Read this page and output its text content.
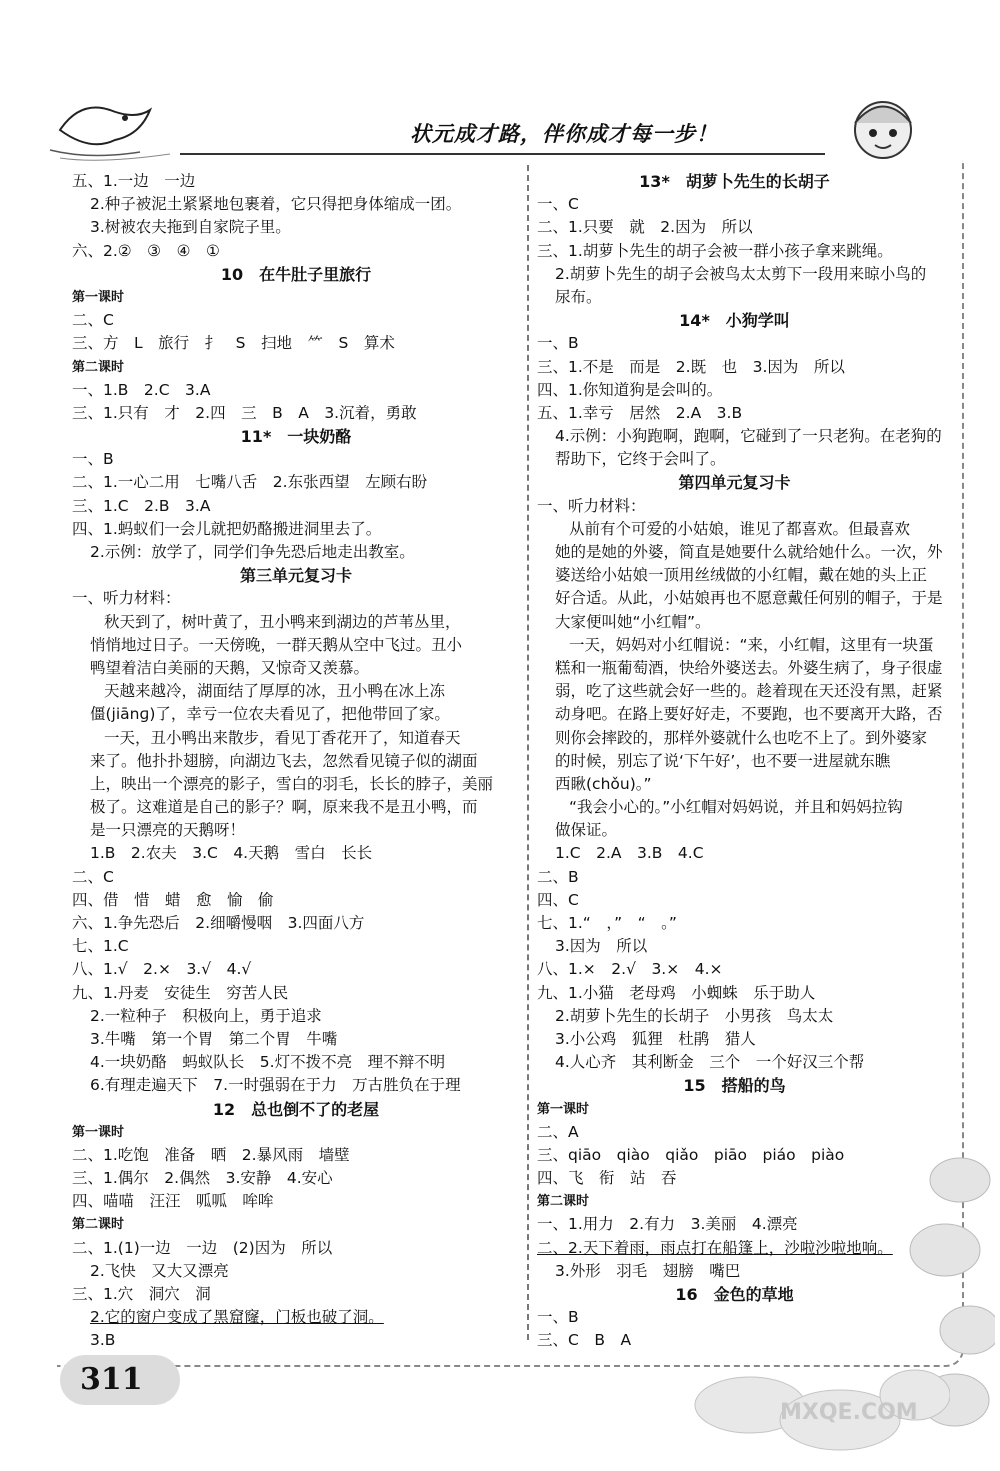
状元成才路，伴你成才每一步！
五、1.一边　一边
2.种子被泥土紧紧地包裹着，它只得把身体缩成一团。
3.树被农夫拖到自家院子里。
六、2.②　③　④　①
10　在牛肚子里旅行
第一课时
二、C
三、方　L　旅行　扌　S　扫地　⺮　S　算术
第二课时
一、1.B　2.C　3.A
三、1.只有　才　2.四　三　B　A　3.沉着，勇敢
11*　一块奶酪
一、B
二、1.一心二用　七嘴八舌　2.东张西望　左顾右盼
三、1.C　2.B　3.A
四、1.蚂蚁们一会儿就把奶酪搬进洞里去了。
2.示例：放学了，同学们争先恐后地走出教室。
第三单元复习卡
一、听力材料：
秋天到了，树叶黄了，丑小鸭来到湖边的芦苇丛里，
悄悄地过日子。一天傍晚，一群天鹅从空中飞过。丑小
鸭望着洁白美丽的天鹅，又惊奇又羡慕。
天越来越冷，湖面结了厚厚的冰，丑小鸭在冰上冻
僵(jiānɡ)了，幸亏一位农夫看见了，把他带回了家。
一天，丑小鸭出来散步，看见丁香花开了，知道春天
来了。他扑扑翅膀，向湖边飞去，忽然看见镜子似的湖面
上，映出一个漂亮的影子，雪白的羽毛，长长的脖子，美丽
极了。这难道是自己的影子？啊，原来我不是丑小鸭，而
是一只漂亮的天鹅呀！
1.B　2.农夫　3.C　4.天鹅　雪白　长长
二、C
四、借　惜　蜡　愈　愉　偷
六、1.争先恐后　2.细嚼慢咽　3.四面八方
七、1.C
八、1.√　2.×　3.√　4.√
九、1.丹麦　安徒生　穷苦人民
2.一粒种子　积极向上，勇于追求
3.牛嘴　第一个胃　第二个胃　牛嘴
4.一块奶酪　蚂蚁队长　5.灯不拨不亮　理不辩不明
6.有理走遍天下　7.一时强弱在于力　万古胜负在于理
12　总也倒不了的老屋
第一课时
二、1.吃饱　准备　晒　2.暴风雨　墙壁
三、1.偶尔　2.偶然　3.安静　4.安心
四、喵喵　汪汪　呱呱　哞哞
第二课时
二、1.(1)一边　一边　(2)因为　所以
2.飞快　又大又漂亮
三、1.穴　洞穴　洞
2.它的窗户变成了黑窟窿，门板也破了洞。
3.B
13*　胡萝卜先生的长胡子
一、C
二、1.只要　就　2.因为　所以
三、1.胡萝卜先生的胡子会被一群小孩子拿来跳绳。
2.胡萝卜先生的胡子会被鸟太太剪下一段用来晾小鸟的
尿布。
14*　小狗学叫
一、B
三、1.不是　而是　2.既　也　3.因为　所以
四、1.你知道狗是会叫的。
五、1.幸亏　居然　2.A　3.B
4.示例：小狗跑啊，跑啊，它碰到了一只老狗。在老狗的
帮助下，它终于会叫了。
第四单元复习卡
一、听力材料：
从前有个可爱的小姑娘，谁见了都喜欢。但最喜欢
她的是她的外婆，简直是她要什么就给她什么。一次，外
婆送给小姑娘一顶用丝绒做的小红帽，戴在她的头上正
好合适。从此，小姑娘再也不愿意戴任何别的帽子，于是
大家便叫她“小红帽”。
一天，妈妈对小红帽说：“来，小红帽，这里有一块蛋
糕和一瓶葡萄酒，快给外婆送去。外婆生病了，身子很虚
弱，吃了这些就会好一些的。趁着现在天还没有黑，赶紧
动身吧。在路上要好好走，不要跑，也不要离开大路，否
则你会摔跤的，那样外婆就什么也吃不上了。到外婆家
的时候，别忘了说‘下午好’，也不要一进屋就东瞧
西瞅(chǒu)。”
“我会小心的。”小红帽对妈妈说，并且和妈妈拉钩
做保证。
1.C　2.A　3.B　4.C
二、B
四、C
七、1.“　，”　“　。”
3.因为　所以
八、1.×　2.√　3.×　4.×
九、1.小猫　老母鸡　小蜘蛛　乐于助人
2.胡萝卜先生的长胡子　小男孩　鸟太太
3.小公鸡　狐狸　杜鹃　猎人
4.人心齐　其利断金　三个　一个好汉三个帮
15　搭船的鸟
第一课时
二、A
三、qiāo　qiào　qiǎo　piāo　piáo　piào
四、飞　衔　站　吞
第二课时
一、1.用力　2.有力　3.美丽　4.漂亮
二、2.天下着雨，雨点打在船篷上，沙啦沙啦地响。
3.外形　羽毛　翅膀　嘴巴
16　金色的草地
一、B
三、C　B　A
311
MXQE.COM
